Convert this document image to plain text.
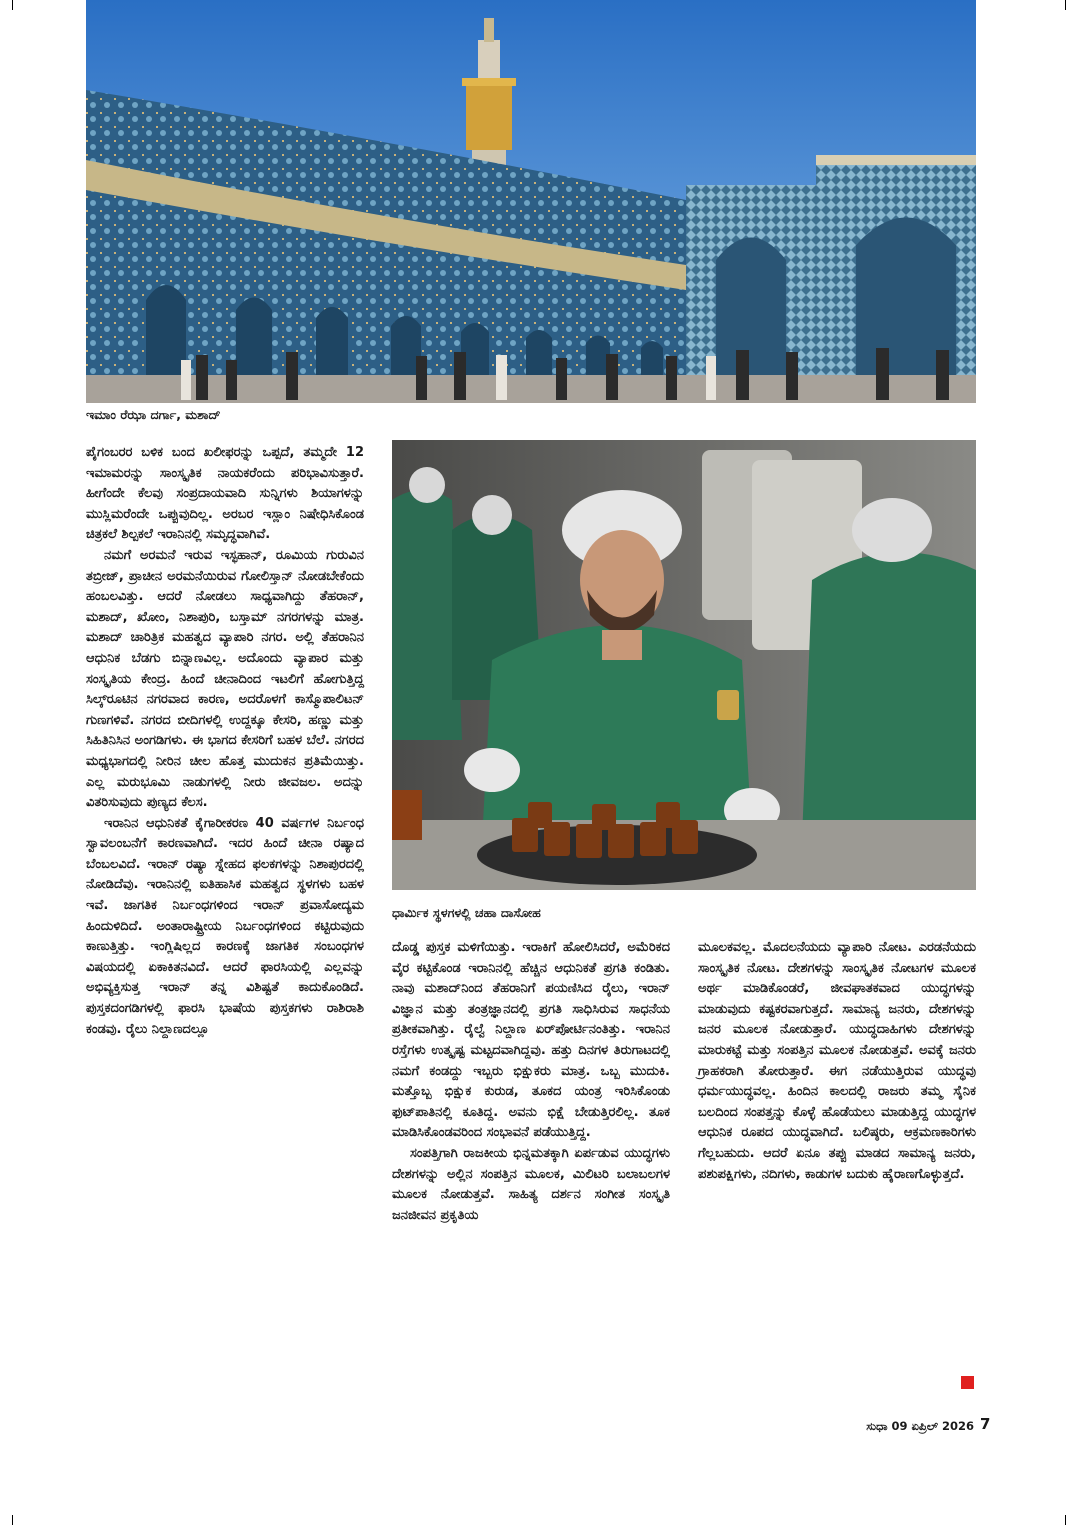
ಇಮಾಂ ರೆಝಾ ದರ್ಗಾ, ಮಶಾದ್
ಧಾರ್ಮಿಕ ಸ್ಥಳಗಳಲ್ಲಿ ಚಹಾ ದಾಸೋಹ

ಪೈಗಂಬರರ ಬಳಿಕ ಬಂದ ಖಲೀಫರನ್ನು ಒಪ್ಪದೆ, ತಮ್ಮದೇ 12 ಇಮಾಮರನ್ನು ಸಾಂಸ್ಕೃತಿಕ ನಾಯಕರೆಂದು ಪರಿಭಾವಿಸುತ್ತಾರೆ. ಹೀಗೆಂದೇ ಕೆಲವು ಸಂಪ್ರದಾಯವಾದಿ ಸುನ್ನಿಗಳು ಶಿಯಾಗಳನ್ನು ಮುಸ್ಲಿಮರೆಂದೇ ಒಪ್ಪುವುದಿಲ್ಲ. ಅರಬರ ಇಸ್ಲಾಂ ನಿಷೇಧಿಸಿಕೊಂಡ ಚಿತ್ರಕಲೆ ಶಿಲ್ಪಕಲೆ ಇರಾನಿನಲ್ಲಿ ಸಮೃದ್ಧವಾಗಿವೆ.

ನಮಗೆ ಅರಮನೆ ಇರುವ ಇಸ್ಫಹಾನ್, ರೂಮಿಯ ಗುರುವಿನ ತಬ್ರೀಜ್, ಪ್ರಾಚೀನ ಅರಮನೆಯಿರುವ ಗೋಲಿಸ್ತಾನ್ ನೋಡಬೇಕೆಂದು ಹಂಬಲವಿತ್ತು. ಆದರೆ ನೋಡಲು ಸಾಧ್ಯವಾಗಿದ್ದು ತೆಹರಾನ್, ಮಶಾದ್, ಖೋಂ, ನಿಶಾಪುರಿ, ಬಸ್ತಾಮ್ ನಗರಗಳನ್ನು ಮಾತ್ರ. ಮಶಾದ್ ಚಾರಿತ್ರಿಕ ಮಹತ್ವದ ವ್ಯಾಪಾರಿ ನಗರ. ಅಲ್ಲಿ ತೆಹರಾನಿನ ಆಧುನಿಕ ಬೆಡಗು ಬಿನ್ನಾಣವಿಲ್ಲ. ಅದೊಂದು ವ್ಯಾಪಾರ ಮತ್ತು ಸಂಸ್ಕೃತಿಯ ಕೇಂದ್ರ. ಹಿಂದೆ ಚೀನಾದಿಂದ ಇಟಲಿಗೆ ಹೋಗುತ್ತಿದ್ದ ಸಿಲ್ಕ್‌ರೂಟಿನ ನಗರವಾದ ಕಾರಣ, ಅದರೊಳಗೆ ಕಾಸ್ಮೊಪಾಲಿಟನ್ ಗುಣಗಳಿವೆ. ನಗರದ ಬೀದಿಗಳಲ್ಲಿ ಉದ್ದಕ್ಕೂ ಕೇಸರಿ, ಹಣ್ಣು ಮತ್ತು ಸಿಹಿತಿನಿಸಿನ ಅಂಗಡಿಗಳು. ಈ ಭಾಗದ ಕೇಸರಿಗೆ ಬಹಳ ಬೆಲೆ. ನಗರದ ಮಧ್ಯಭಾಗದಲ್ಲಿ ನೀರಿನ ಚೀಲ ಹೊತ್ತ ಮುದುಕನ ಪ್ರತಿಮೆಯಿತ್ತು. ಎಲ್ಲ ಮರುಭೂಮಿ ನಾಡುಗಳಲ್ಲಿ ನೀರು ಜೀವಜಲ. ಅದನ್ನು ವಿತರಿಸುವುದು ಪುಣ್ಯದ ಕೆಲಸ.

ಇರಾನಿನ ಆಧುನಿಕತೆ ಕೈಗಾರೀಕರಣ 40 ವರ್ಷಗಳ ನಿರ್ಬಂಧ ಸ್ವಾವಲಂಬನೆಗೆ ಕಾರಣವಾಗಿದೆ. ಇದರ ಹಿಂದೆ ಚೀನಾ ರಷ್ಯಾದ ಬೆಂಬಲವಿದೆ. ಇರಾನ್ ರಷ್ಯಾ ಸ್ನೇಹದ ಫಲಕಗಳನ್ನು ನಿಶಾಪುರದಲ್ಲಿ ನೋಡಿದೆವು. ಇರಾನಿನಲ್ಲಿ ಐತಿಹಾಸಿಕ ಮಹತ್ವದ ಸ್ಥಳಗಳು ಬಹಳ ಇವೆ. ಜಾಗತಿಕ ನಿರ್ಬಂಧಗಳಿಂದ ಇರಾನ್ ಪ್ರವಾಸೋದ್ಯಮ ಹಿಂದುಳಿದಿದೆ. ಅಂತಾರಾಷ್ಟ್ರೀಯ ನಿರ್ಬಂಧಗಳಿಂದ ಕಟ್ಟಿರುವುದು ಕಾಣುತ್ತಿತ್ತು. ಇಂಗ್ಲಿಷಿಲ್ಲದ ಕಾರಣಕ್ಕೆ ಜಾಗತಿಕ ಸಂಬಂಧಗಳ ವಿಷಯದಲ್ಲಿ ಏಕಾಕಿತನವಿದೆ. ಆದರೆ ಫಾರಸಿಯಲ್ಲಿ ಎಲ್ಲವನ್ನು ಅಭಿವ್ಯಕ್ತಿಸುತ್ತ ಇರಾನ್ ತನ್ನ ವಿಶಿಷ್ಟತೆ ಕಾದುಕೊಂಡಿದೆ. ಪುಸ್ತಕದಂಗಡಿಗಳಲ್ಲಿ ಫಾರಸಿ ಭಾಷೆಯ ಪುಸ್ತಕಗಳು ರಾಶಿರಾಶಿ ಕಂಡವು. ರೈಲು ನಿಲ್ದಾಣದಲ್ಲೂ

ದೊಡ್ಡ ಪುಸ್ತಕ ಮಳಿಗೆಯಿತ್ತು. ಇರಾಕಿಗೆ ಹೋಲಿಸಿದರೆ, ಅಮೆರಿಕದ ವೈರ ಕಟ್ಟಿಕೊಂಡ ಇರಾನಿನಲ್ಲಿ ಹೆಚ್ಚಿನ ಆಧುನಿಕತೆ ಪ್ರಗತಿ ಕಂಡಿತು. ನಾವು ಮಶಾದ್‌ನಿಂದ ತೆಹರಾನಿಗೆ ಪಯಣಿಸಿದ ರೈಲು, ಇರಾನ್ ವಿಜ್ಞಾನ ಮತ್ತು ತಂತ್ರಜ್ಞಾನದಲ್ಲಿ ಪ್ರಗತಿ ಸಾಧಿಸಿರುವ ಸಾಧನೆಯ ಪ್ರತೀಕವಾಗಿತ್ತು. ರೈಲ್ವೆ ನಿಲ್ದಾಣ ಏರ್‌ಪೋರ್ಟಿನಂತಿತ್ತು. ಇರಾನಿನ ರಸ್ತೆಗಳು ಉತ್ಕೃಷ್ಟ ಮಟ್ಟದವಾಗಿದ್ದವು. ಹತ್ತು ದಿನಗಳ ತಿರುಗಾಟದಲ್ಲಿ ನಮಗೆ ಕಂಡದ್ದು ಇಬ್ಬರು ಭಿಕ್ಷುಕರು ಮಾತ್ರ. ಒಬ್ಬ ಮುದುಕಿ. ಮತ್ತೊಬ್ಬ ಭಿಕ್ಷುಕ ಕುರುಡ, ತೂಕದ ಯಂತ್ರ ಇರಿಸಿಕೊಂಡು ಫುಟ್‌ಪಾತಿನಲ್ಲಿ ಕೂತಿದ್ದ. ಅವನು ಭಿಕ್ಷೆ ಬೇಡುತ್ತಿರಲಿಲ್ಲ. ತೂಕ ಮಾಡಿಸಿಕೊಂಡವರಿಂದ ಸಂಭಾವನೆ ಪಡೆಯುತ್ತಿದ್ದ.

ಸಂಪತ್ತಿಗಾಗಿ ರಾಜಕೀಯ ಭಿನ್ನಮತಕ್ಕಾಗಿ ಏರ್ಪಡುವ ಯುದ್ಧಗಳು ದೇಶಗಳನ್ನು ಅಲ್ಲಿನ ಸಂಪತ್ತಿನ ಮೂಲಕ, ಮಿಲಿಟರಿ ಬಲಾಬಲಗಳ ಮೂಲಕ ನೋಡುತ್ತವೆ. ಸಾಹಿತ್ಯ ದರ್ಶನ ಸಂಗೀತ ಸಂಸ್ಕೃತಿ ಜನಜೀವನ ಪ್ರಕೃತಿಯ

ಮೂಲಕವಲ್ಲ. ಮೊದಲನೆಯದು ವ್ಯಾಪಾರಿ ನೋಟ. ಎರಡನೆಯದು ಸಾಂಸ್ಕೃತಿಕ ನೋಟ. ದೇಶಗಳನ್ನು ಸಾಂಸ್ಕೃತಿಕ ನೋಟಗಳ ಮೂಲಕ ಅರ್ಥ ಮಾಡಿಕೊಂಡರೆ, ಜೀವಘಾತಕವಾದ ಯುದ್ಧಗಳನ್ನು ಮಾಡುವುದು ಕಷ್ಟಕರವಾಗುತ್ತದೆ. ಸಾಮಾನ್ಯ ಜನರು, ದೇಶಗಳನ್ನು ಜನರ ಮೂಲಕ ನೋಡುತ್ತಾರೆ. ಯುದ್ಧದಾಹಿಗಳು ದೇಶಗಳನ್ನು ಮಾರುಕಟ್ಟೆ ಮತ್ತು ಸಂಪತ್ತಿನ ಮೂಲಕ ನೋಡುತ್ತವೆ. ಅವಕ್ಕೆ ಜನರು ಗ್ರಾಹಕರಾಗಿ ತೋರುತ್ತಾರೆ. ಈಗ ನಡೆಯುತ್ತಿರುವ ಯುದ್ಧವು ಧರ್ಮಯುದ್ಧವಲ್ಲ. ಹಿಂದಿನ ಕಾಲದಲ್ಲಿ ರಾಜರು ತಮ್ಮ ಸೈನಿಕ ಬಲದಿಂದ ಸಂಪತ್ತನ್ನು ಕೊಳ್ಳೆ ಹೊಡೆಯಲು ಮಾಡುತ್ತಿದ್ದ ಯುದ್ಧಗಳ ಆಧುನಿಕ ರೂಪದ ಯುದ್ಧವಾಗಿದೆ. ಬಲಿಷ್ಠರು, ಆಕ್ರಮಣಕಾರಿಗಳು ಗೆಲ್ಲಬಹುದು. ಆದರೆ ಏನೂ ತಪ್ಪು ಮಾಡದ ಸಾಮಾನ್ಯ ಜನರು, ಪಶುಪಕ್ಷಿಗಳು, ನದಿಗಳು, ಕಾಡುಗಳ ಬದುಕು ಹೈರಾಣಗೊಳ್ಳುತ್ತದೆ.

ಸುಧಾ 09 ಏಪ್ರಿಲ್ 2026 7
